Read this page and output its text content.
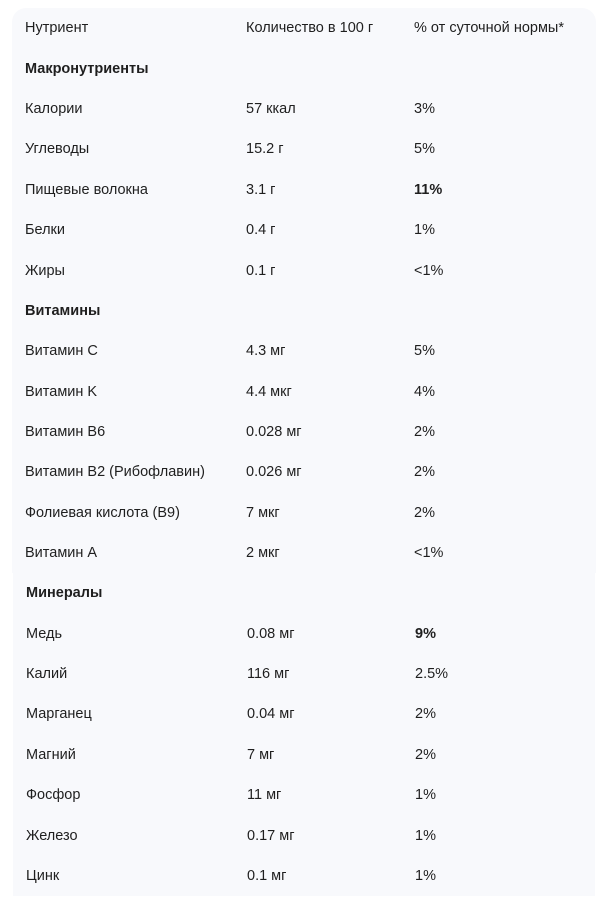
Нутриент	Количество в 100 г	% от суточной нормы*
Макронутриенты
Калории	57 ккал	3%
Углеводы	15.2 г	5%
Пищевые волокна	3.1 г	11%
Белки	0.4 г	1%
Жиры	0.1 г	<1%
Витамины
Витамин C	4.3 мг	5%
Витамин K	4.4 мкг	4%
Витамин B6	0.028 мг	2%
Витамин B2 (Рибофлавин)	0.026 мг	2%
Фолиевая кислота (B9)	7 мкг	2%
Витамин A	2 мкг	<1%
Минералы
Медь	0.08 мг	9%
Калий	116 мг	2.5%
Марганец	0.04 мг	2%
Магний	7 мг	2%
Фосфор	11 мг	1%
Железо	0.17 мг	1%
Цинк	0.1 мг	1%
